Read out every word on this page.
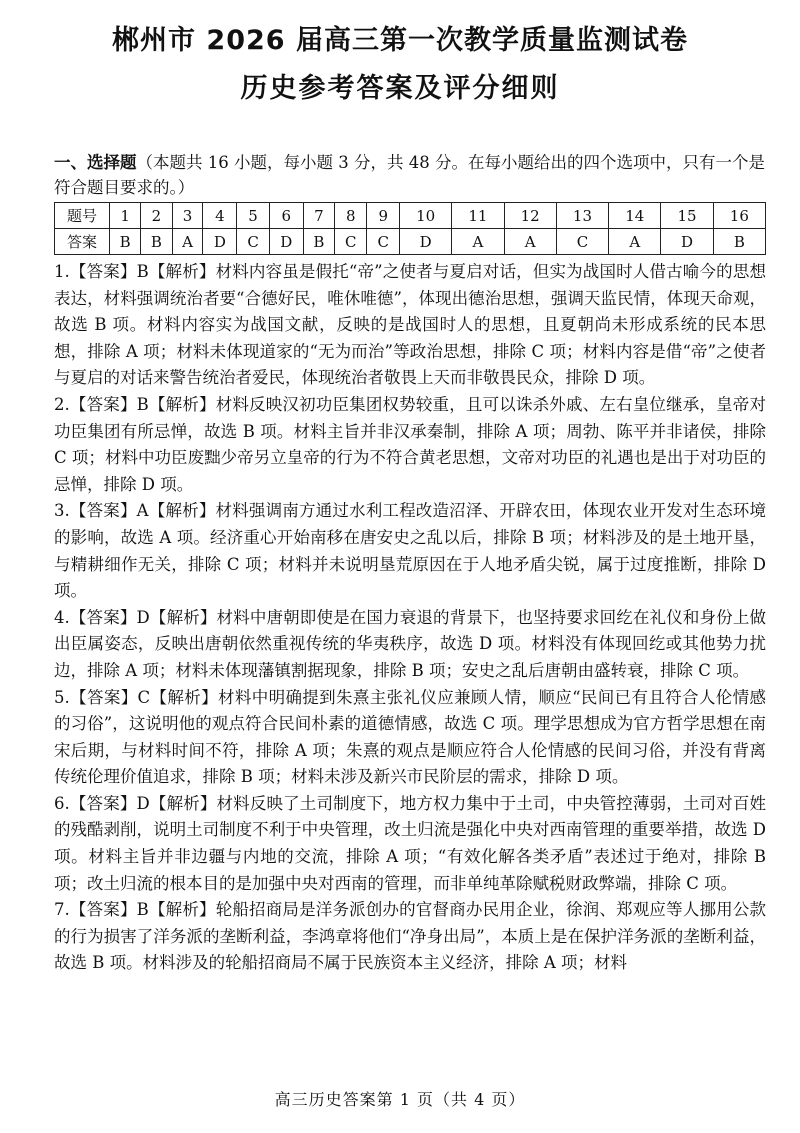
郴州市 2026 届高三第一次教学质量监测试卷
历史参考答案及评分细则
一、选择题（本题共 16 小题，每小题 3 分，共 48 分。在每小题给出的四个选项中，只有一个是符合题目要求的。）
题号	1	2	3	4	5	6	7	8	9	10	11	12	13	14	15	16
答案	B	B	A	D	C	D	B	C	C	D	A	A	C	A	D	B

1.【答案】B【解析】材料内容虽是假托“帝”之使者与夏启对话，但实为战国时人借古喻今的思想表达，材料强调统治者要“合德好民，唯休唯德”，体现出德治思想，强调天监民情，体现天命观，故选 B 项。材料内容实为战国文献，反映的是战国时人的思想，且夏朝尚未形成系统的民本思想，排除 A 项；材料未体现道家的“无为而治”等政治思想，排除 C 项；材料内容是借“帝”之使者与夏启的对话来警告统治者爱民，体现统治者敬畏上天而非敬畏民众，排除 D 项。

2.【答案】B【解析】材料反映汉初功臣集团权势较重，且可以诛杀外戚、左右皇位继承，皇帝对功臣集团有所忌惮，故选 B 项。材料主旨并非汉承秦制，排除 A 项；周勃、陈平并非诸侯，排除 C 项；材料中功臣废黜少帝另立皇帝的行为不符合黄老思想，文帝对功臣的礼遇也是出于对功臣的忌惮，排除 D 项。

3.【答案】A【解析】材料强调南方通过水利工程改造沼泽、开辟农田，体现农业开发对生态环境的影响，故选 A 项。经济重心开始南移在唐安史之乱以后，排除 B 项；材料涉及的是土地开垦，与精耕细作无关，排除 C 项；材料并未说明垦荒原因在于人地矛盾尖锐，属于过度推断，排除 D 项。

4.【答案】D【解析】材料中唐朝即使是在国力衰退的背景下，也坚持要求回纥在礼仪和身份上做出臣属姿态，反映出唐朝依然重视传统的华夷秩序，故选 D 项。材料没有体现回纥或其他势力扰边，排除 A 项；材料未体现藩镇割据现象，排除 B 项；安史之乱后唐朝由盛转衰，排除 C 项。

5.【答案】C【解析】材料中明确提到朱熹主张礼仪应兼顾人情，顺应“民间已有且符合人伦情感的习俗”，这说明他的观点符合民间朴素的道德情感，故选 C 项。理学思想成为官方哲学思想在南宋后期，与材料时间不符，排除 A 项；朱熹的观点是顺应符合人伦情感的民间习俗，并没有背离传统伦理价值追求，排除 B 项；材料未涉及新兴市民阶层的需求，排除 D 项。

6.【答案】D【解析】材料反映了土司制度下，地方权力集中于土司，中央管控薄弱，土司对百姓的残酷剥削，说明土司制度不利于中央管理，改土归流是强化中央对西南管理的重要举措，故选 D 项。材料主旨并非边疆与内地的交流，排除 A 项；“有效化解各类矛盾”表述过于绝对，排除 B 项；改土归流的根本目的是加强中央对西南的管理，而非单纯革除赋税财政弊端，排除 C 项。

7.【答案】B【解析】轮船招商局是洋务派创办的官督商办民用企业，徐润、郑观应等人挪用公款的行为损害了洋务派的垄断利益，李鸿章将他们“净身出局”，本质上是在保护洋务派的垄断利益，故选 B 项。材料涉及的轮船招商局不属于民族资本主义经济，排除 A 项；材料

高三历史答案第 1 页（共 4 页）
